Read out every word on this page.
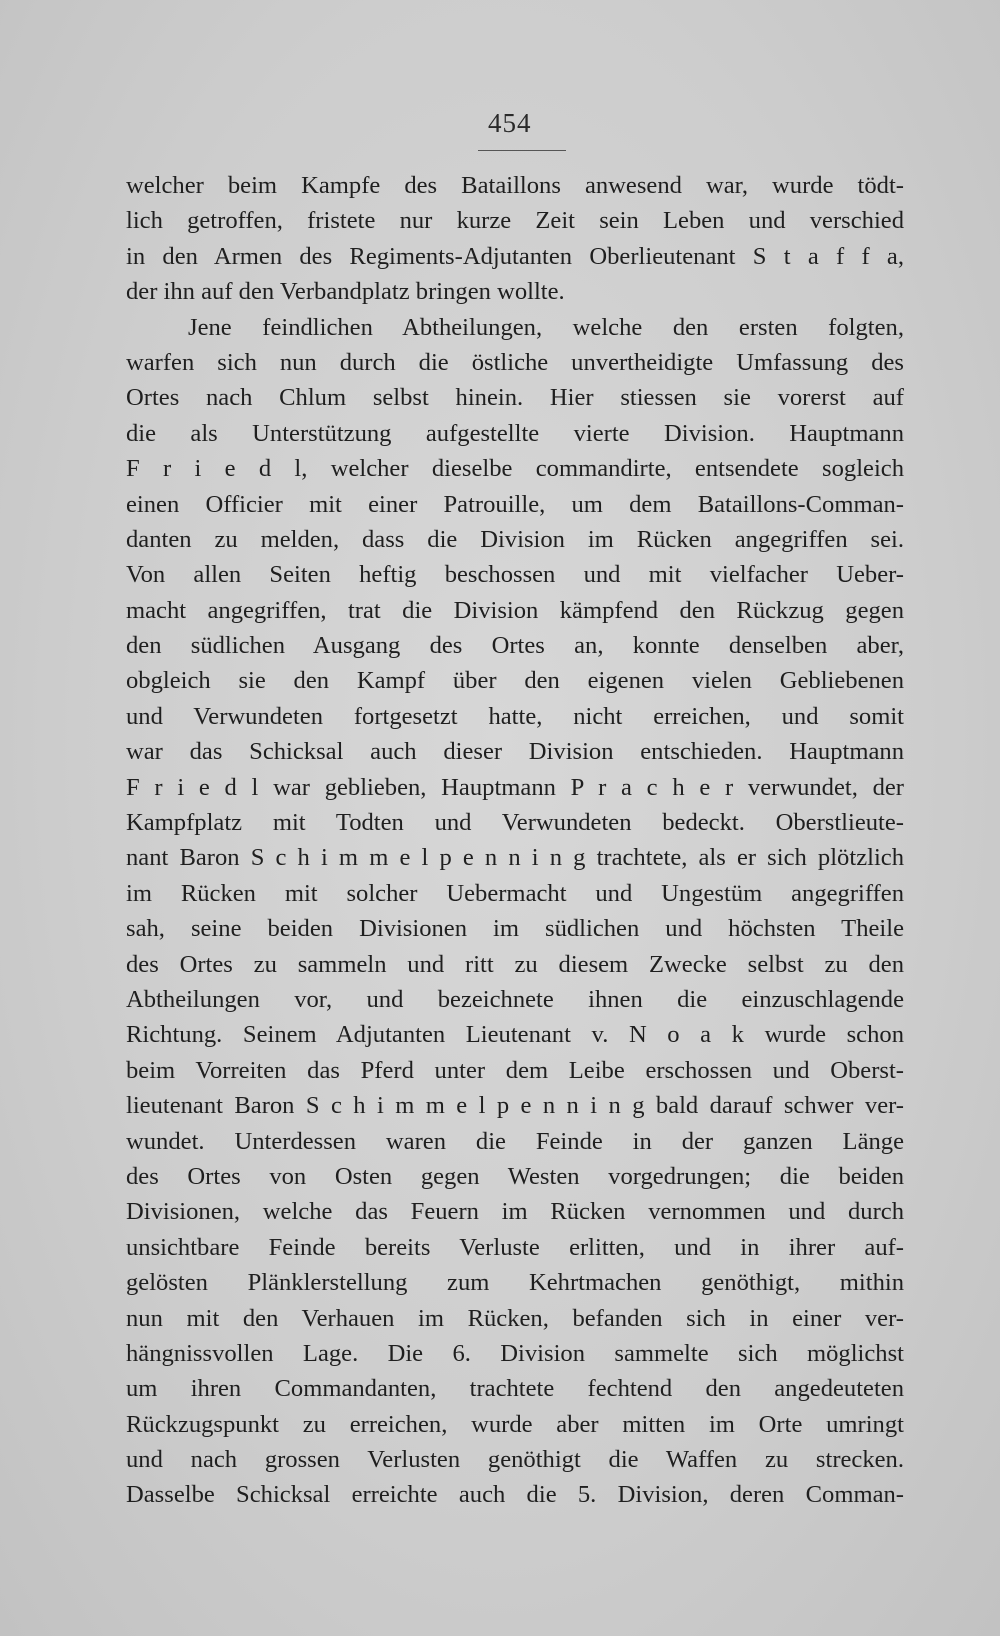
454
welcher beim Kampfe des Bataillons anwesend war, wurde tödt-
lich getroffen, fristete nur kurze Zeit sein Leben und verschied
in den Armen des Regiments-Adjutanten Oberlieutenant S t a f f a,
der ihn auf den Verbandplatz bringen wollte.
Jene feindlichen Abtheilungen, welche den ersten folgten,
warfen sich nun durch die östliche unvertheidigte Umfassung des
Ortes nach Chlum selbst hinein. Hier stiessen sie vorerst auf
die als Unterstützung aufgestellte vierte Division. Hauptmann
F r i e d l, welcher dieselbe commandirte, entsendete sogleich
einen Officier mit einer Patrouille, um dem Bataillons-Comman-
danten zu melden, dass die Division im Rücken angegriffen sei.
Von allen Seiten heftig beschossen und mit vielfacher Ueber-
macht angegriffen, trat die Division kämpfend den Rückzug gegen
den südlichen Ausgang des Ortes an, konnte denselben aber,
obgleich sie den Kampf über den eigenen vielen Gebliebenen
und Verwundeten fortgesetzt hatte, nicht erreichen, und somit
war das Schicksal auch dieser Division entschieden. Hauptmann
F r i e d l war geblieben, Hauptmann P r a c h e r verwundet, der
Kampfplatz mit Todten und Verwundeten bedeckt. Oberstlieute-
nant Baron S c h i m m e l p e n n i n g trachtete, als er sich plötzlich
im Rücken mit solcher Uebermacht und Ungestüm angegriffen
sah, seine beiden Divisionen im südlichen und höchsten Theile
des Ortes zu sammeln und ritt zu diesem Zwecke selbst zu den
Abtheilungen vor, und bezeichnete ihnen die einzuschlagende
Richtung. Seinem Adjutanten Lieutenant v. N o a k wurde schon
beim Vorreiten das Pferd unter dem Leibe erschossen und Oberst-
lieutenant Baron S c h i m m e l p e n n i n g bald darauf schwer ver-
wundet. Unterdessen waren die Feinde in der ganzen Länge
des Ortes von Osten gegen Westen vorgedrungen; die beiden
Divisionen, welche das Feuern im Rücken vernommen und durch
unsichtbare Feinde bereits Verluste erlitten, und in ihrer auf-
gelösten Plänklerstellung zum Kehrtmachen genöthigt, mithin
nun mit den Verhauen im Rücken, befanden sich in einer ver-
hängnissvollen Lage. Die 6. Division sammelte sich möglichst
um ihren Commandanten, trachtete fechtend den angedeuteten
Rückzugspunkt zu erreichen, wurde aber mitten im Orte umringt
und nach grossen Verlusten genöthigt die Waffen zu strecken.
Dasselbe Schicksal erreichte auch die 5. Division, deren Comman-
